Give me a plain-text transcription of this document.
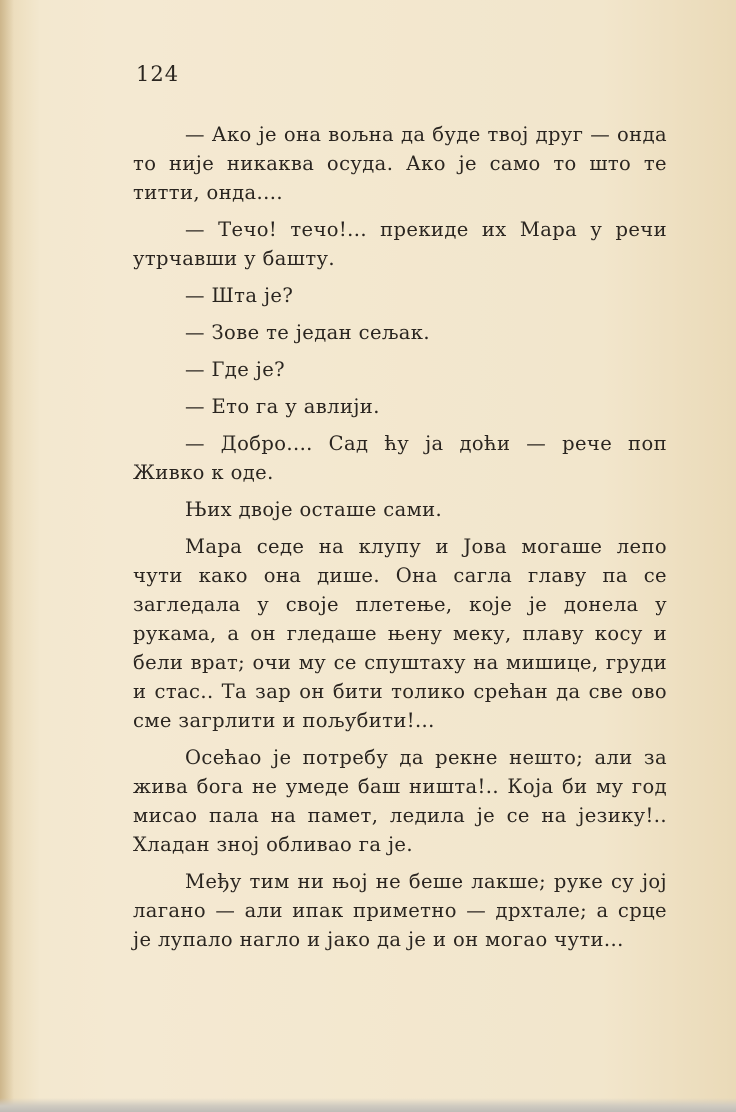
124

— Ако је она вољна да буде твој друг — онда то није никаква осуда. Ако је само то што те титти, онда....

— Течо! течо!... прекиде их Мара у речи утрчавши у башту.

— Шта је?

— Зове те један сељак.

— Где је?

— Ето га у авлији.

— Добро.... Сад ћу ја доћи — рече поп Живко к оде.

Њих двоје осташе сами.

Мара седе на клупу и Јова могаше лепо чути како она дише. Она сагла главу па се загледала у своје плетење, које је донела у рукама, а он гледаше њену меку, плаву косу и бели врат; очи му се спуштаху на мишице, груди и стас.. Та зар он бити толико срећан да све ово сме загрлити и пољубити!...

Осећао је потребу да рекне нешто; али за жива бога не умеде баш ништа!.. Која би му год мисао пала на памет, ледила је се на језику!.. Хладан зној обливао га је.

Међу тим ни њој не беше лакше; руке су јој лагано — али ипак приметно — дрхтале; а срце је лупало нагло и јако да је и он могао чути...
